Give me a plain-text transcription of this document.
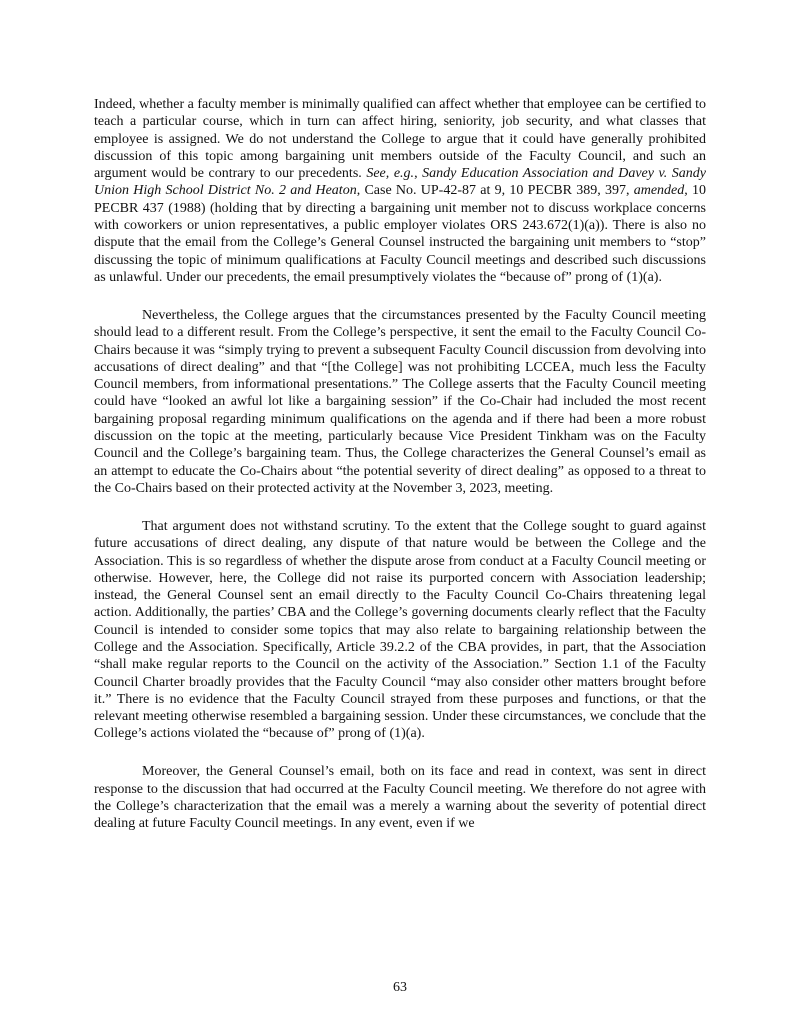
Indeed, whether a faculty member is minimally qualified can affect whether that employee can be certified to teach a particular course, which in turn can affect hiring, seniority, job security, and what classes that employee is assigned. We do not understand the College to argue that it could have generally prohibited discussion of this topic among bargaining unit members outside of the Faculty Council, and such an argument would be contrary to our precedents. See, e.g., Sandy Education Association and Davey v. Sandy Union High School District No. 2 and Heaton, Case No. UP-42-87 at 9, 10 PECBR 389, 397, amended, 10 PECBR 437 (1988) (holding that by directing a bargaining unit member not to discuss workplace concerns with coworkers or union representatives, a public employer violates ORS 243.672(1)(a)). There is also no dispute that the email from the College’s General Counsel instructed the bargaining unit members to “stop” discussing the topic of minimum qualifications at Faculty Council meetings and described such discussions as unlawful. Under our precedents, the email presumptively violates the “because of” prong of (1)(a).

Nevertheless, the College argues that the circumstances presented by the Faculty Council meeting should lead to a different result. From the College’s perspective, it sent the email to the Faculty Council Co-Chairs because it was “simply trying to prevent a subsequent Faculty Council discussion from devolving into accusations of direct dealing” and that “[the College] was not prohibiting LCCEA, much less the Faculty Council members, from informational presentations.” The College asserts that the Faculty Council meeting could have “looked an awful lot like a bargaining session” if the Co-Chair had included the most recent bargaining proposal regarding minimum qualifications on the agenda and if there had been a more robust discussion on the topic at the meeting, particularly because Vice President Tinkham was on the Faculty Council and the College’s bargaining team. Thus, the College characterizes the General Counsel’s email as an attempt to educate the Co-Chairs about “the potential severity of direct dealing” as opposed to a threat to the Co-Chairs based on their protected activity at the November 3, 2023, meeting.

That argument does not withstand scrutiny. To the extent that the College sought to guard against future accusations of direct dealing, any dispute of that nature would be between the College and the Association. This is so regardless of whether the dispute arose from conduct at a Faculty Council meeting or otherwise. However, here, the College did not raise its purported concern with Association leadership; instead, the General Counsel sent an email directly to the Faculty Council Co-Chairs threatening legal action. Additionally, the parties’ CBA and the College’s governing documents clearly reflect that the Faculty Council is intended to consider some topics that may also relate to bargaining relationship between the College and the Association. Specifically, Article 39.2.2 of the CBA provides, in part, that the Association “shall make regular reports to the Council on the activity of the Association.” Section 1.1 of the Faculty Council Charter broadly provides that the Faculty Council “may also consider other matters brought before it.” There is no evidence that the Faculty Council strayed from these purposes and functions, or that the relevant meeting otherwise resembled a bargaining session. Under these circumstances, we conclude that the College’s actions violated the “because of” prong of (1)(a).

Moreover, the General Counsel’s email, both on its face and read in context, was sent in direct response to the discussion that had occurred at the Faculty Council meeting. We therefore do not agree with the College’s characterization that the email was a merely a warning about the severity of potential direct dealing at future Faculty Council meetings. In any event, even if we

63
